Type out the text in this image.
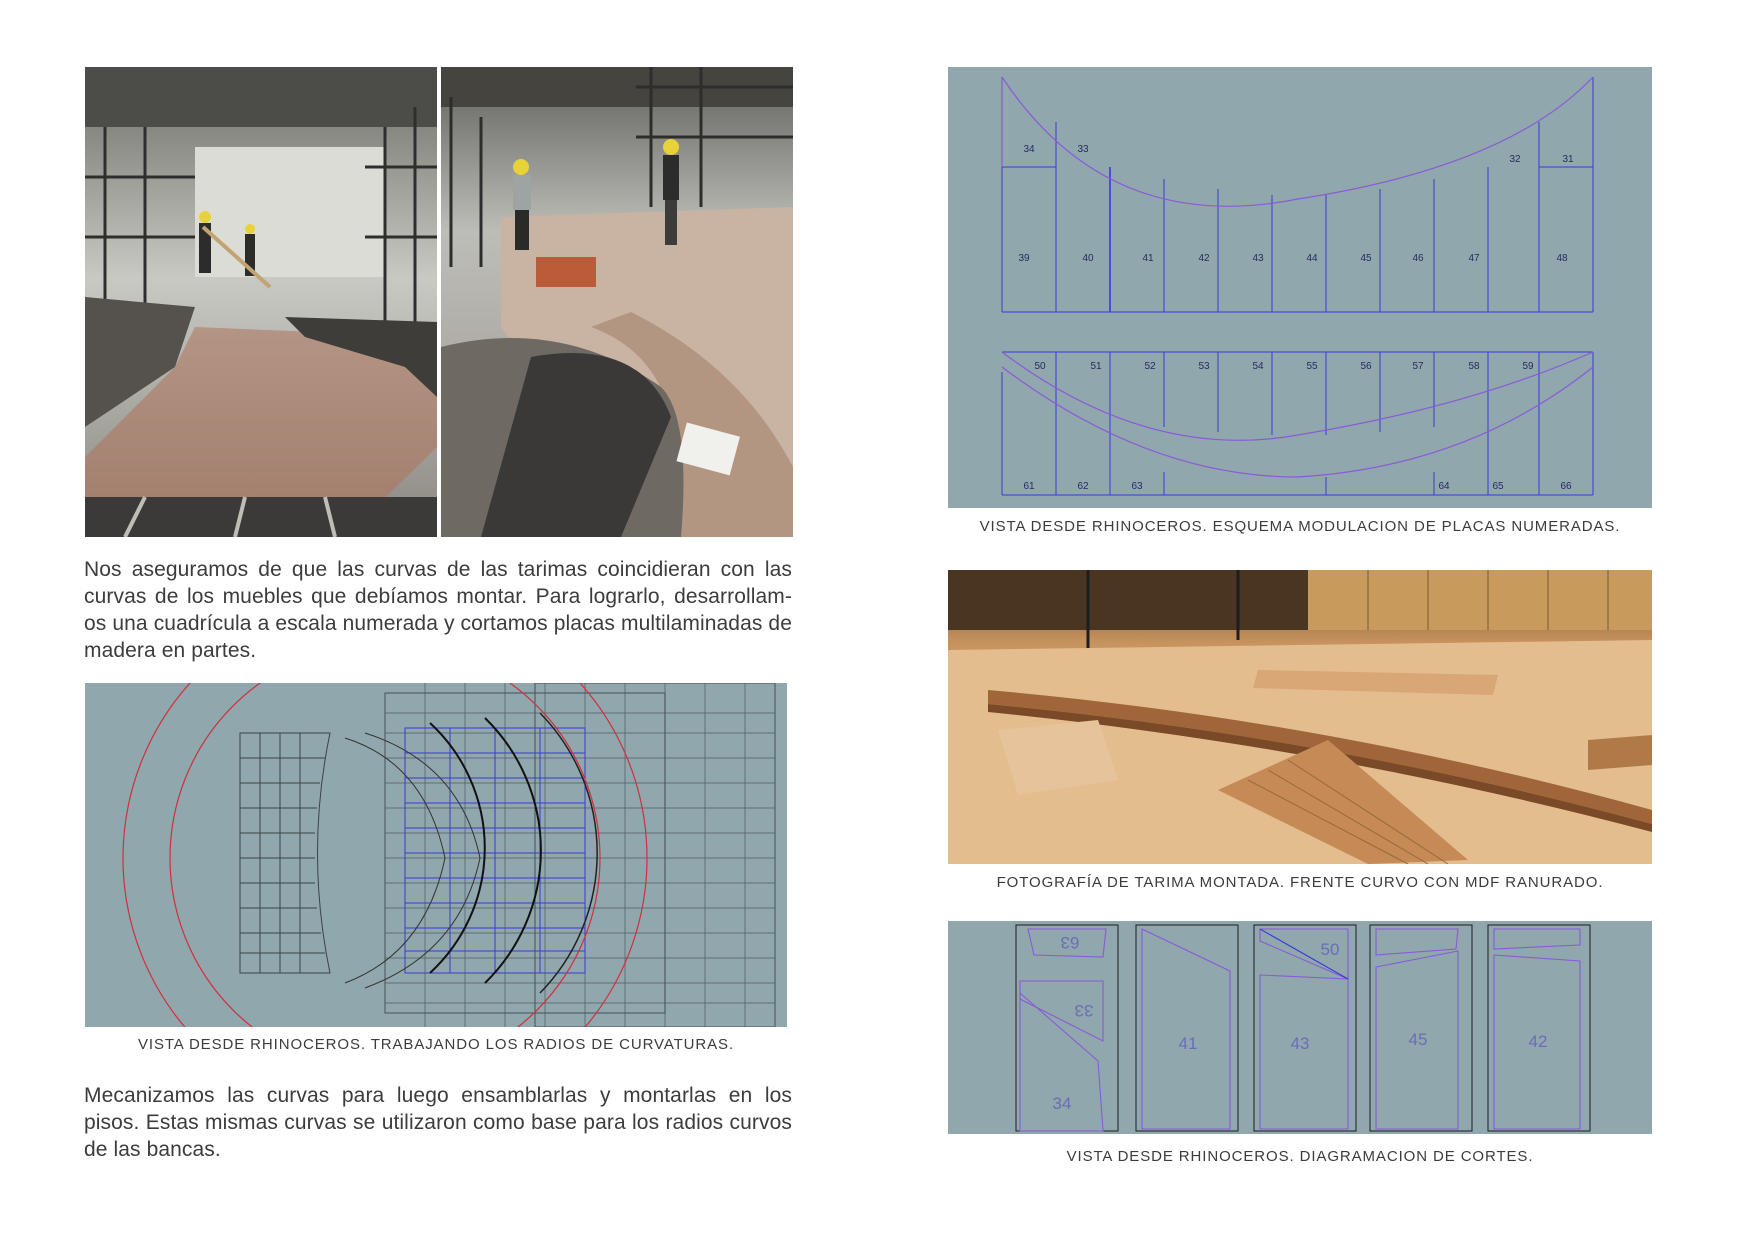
Nos aseguramos de que las curvas de las tarimas coincidieran con las curvas de los muebles que debíamos montar. Para lograrlo, desarrollam- os una cuadrícula a escala numerada y cortamos placas multilaminadas de madera en partes.
VISTA DESDE RHINOCEROS. TRABAJANDO LOS RADIOS DE CURVATURAS.
Mecanizamos las curvas para luego ensamblarlas y montarlas en los pisos. Estas mismas curvas se utilizaron como base para los radios curvos de las bancas.
34	33
32	31
39	40	41	42	43	44	45	46	47	48
50	51	52	53	54	55	56	57	58	59
61	62	63	64	65	66
VISTA DESDE RHINOCEROS. ESQUEMA MODULACION DE PLACAS NUMERADAS.
FOTOGRAFÍA DE TARIMA MONTADA. FRENTE CURVO CON MDF RANURADO.
63
33
34
41
50
43	45	42
VISTA DESDE RHINOCEROS. DIAGRAMACION DE CORTES.
